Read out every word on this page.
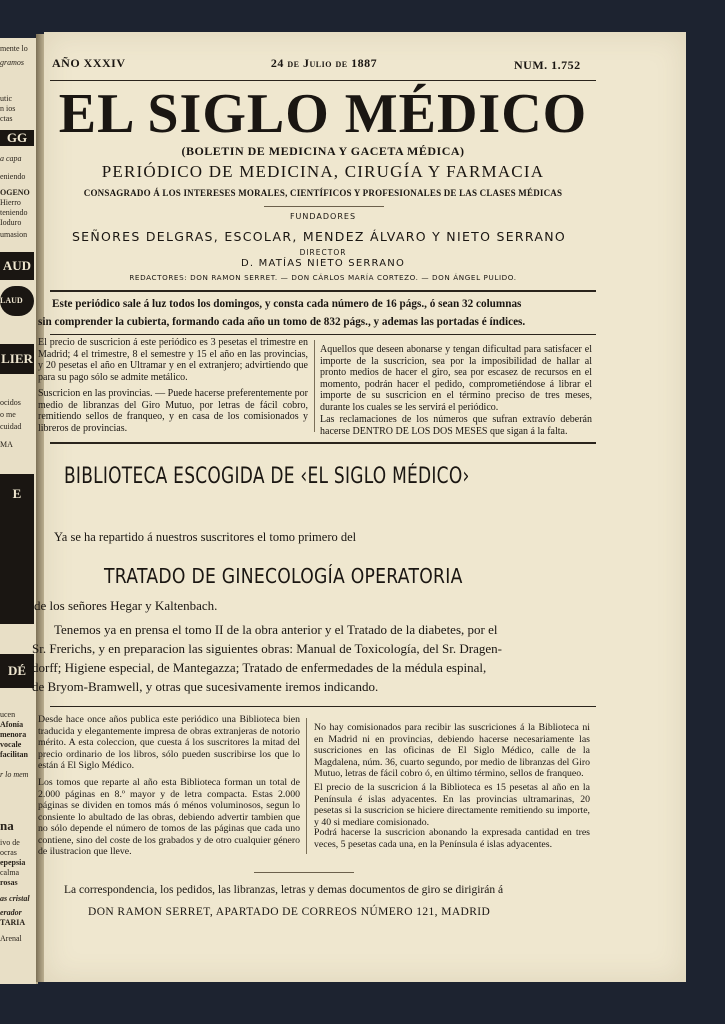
mente lo
gramos
utic
n ios
ctas
GG
a capa
eniendo
OGENO
Hierro
teniendo
Ioduro
umasion
AUD
LAUD
LIER
ocidos
o me
cuidad
MA
E
DÉ
ucen
Afonía
menora
vocale
facilitan
r lo mem
na
ivo de
ocras
epepsia
calma
rosas
as cristal
erador
TARIA
Arenal
AÑO XXXIV	24 de Julio de 1887	NUM. 1.752
EL SIGLO MÉDICO
(BOLETIN DE MEDICINA Y GACETA MÉDICA)
PERIÓDICO DE MEDICINA, CIRUGÍA Y FARMACIA
CONSAGRADO Á LOS INTERESES MORALES, CIENTÍFICOS Y PROFESIONALES DE LAS CLASES MÉDICAS
FUNDADORES
SEÑORES DELGRAS, ESCOLAR, MENDEZ ÁLVARO Y NIETO SERRANO
DIRECTOR
D. MATÍAS NIETO SERRANO
REDACTORES: DON RAMON SERRET. — DON CÁRLOS MARÍA CORTEZO. — DON ÁNGEL PULIDO.
Este periódico sale á luz todos los domingos, y consta cada número de 16 págs., ó sean 32 columnas
sin comprender la cubierta, formando cada año un tomo de 832 págs., y ademas las portadas é índices.
El precio de suscricion á este periódico es 3 pesetas el trimestre en Madrid; 4 el trimestre, 8 el semestre y 15 el año en las provincias, y 20 pesetas el año en Ultramar y en el extranjero; advirtiendo que para su pago sólo se admite metálico.
Suscricion en las provincias. — Puede hacerse preferentemente por medio de libranzas del Giro Mutuo, por letras de fácil cobro, remitiendo sellos de franqueo, y en casa de los comisionados y libreros de provincias.
Aquellos que deseen abonarse y tengan dificultad para satisfacer el importe de la suscricion, sea por la imposibilidad de hallar al pronto medios de hacer el giro, sea por escasez de recursos en el momento, podrán hacer el pedido, comprometiéndose á librar el importe de su suscricion en el término preciso de tres meses, durante los cuales se les servirá el periódico.
Las reclamaciones de los números que sufran extravío deberán hacerse DENTRO DE LOS DOS MESES que sigan á la falta.
BIBLIOTECA ESCOGIDA DE ‹EL SIGLO MÉDICO›
Ya se ha repartido á nuestros suscritores el tomo primero del
TRATADO DE GINECOLOGÍA OPERATORIA
de los señores Hegar y Kaltenbach.
Tenemos ya en prensa el tomo II de la obra anterior y el Tratado de la diabetes, por el
Sr. Frerichs, y en preparacion las siguientes obras: Manual de Toxicología, del Sr. Dragen-
dorff; Higiene especial, de Mantegazza; Tratado de enfermedades de la médula espinal,
de Bryom-Bramwell, y otras que sucesivamente iremos indicando.
Desde hace once años publica este periódico una Biblioteca bien traducida y elegantemente impresa de obras extranjeras de notorio mérito. A esta coleccion, que cuesta á los suscritores la mitad del precio ordinario de los libros, sólo pueden suscribirse los que lo están á El Siglo Médico.
Los tomos que reparte al año esta Biblioteca forman un total de 2.000 páginas en 8.º mayor y de letra compacta. Estas 2.000 páginas se dividen en tomos más ó ménos voluminosos, segun lo consiente lo abultado de las obras, debiendo advertir tambien que no sólo depende el número de tomos de las páginas que cada uno contiene, sino del coste de los grabados y de otro cualquier género de ilustracion que lleve.
No hay comisionados para recibir las suscriciones á la Biblioteca ni en Madrid ni en provincias, debiendo hacerse necesariamente las suscriciones en las oficinas de El Siglo Médico, calle de la Magdalena, núm. 36, cuarto segundo, por medio de libranzas del Giro Mutuo, letras de fácil cobro ó, en último término, sellos de franqueo.
El precio de la suscricion á la Biblioteca es 15 pesetas al año en la Península é islas adyacentes. En las provincias ultramarinas, 20 pesetas si la suscricion se hiciere directamente remitiendo su importe, y 40 si mediare comisionado.
Podrá hacerse la suscricion abonando la expresada cantidad en tres veces, 5 pesetas cada una, en la Península é islas adyacentes.
La correspondencia, los pedidos, las libranzas, letras y demas documentos de giro se dirigirán á
DON RAMON SERRET, APARTADO DE CORREOS NÚMERO 121, MADRID
